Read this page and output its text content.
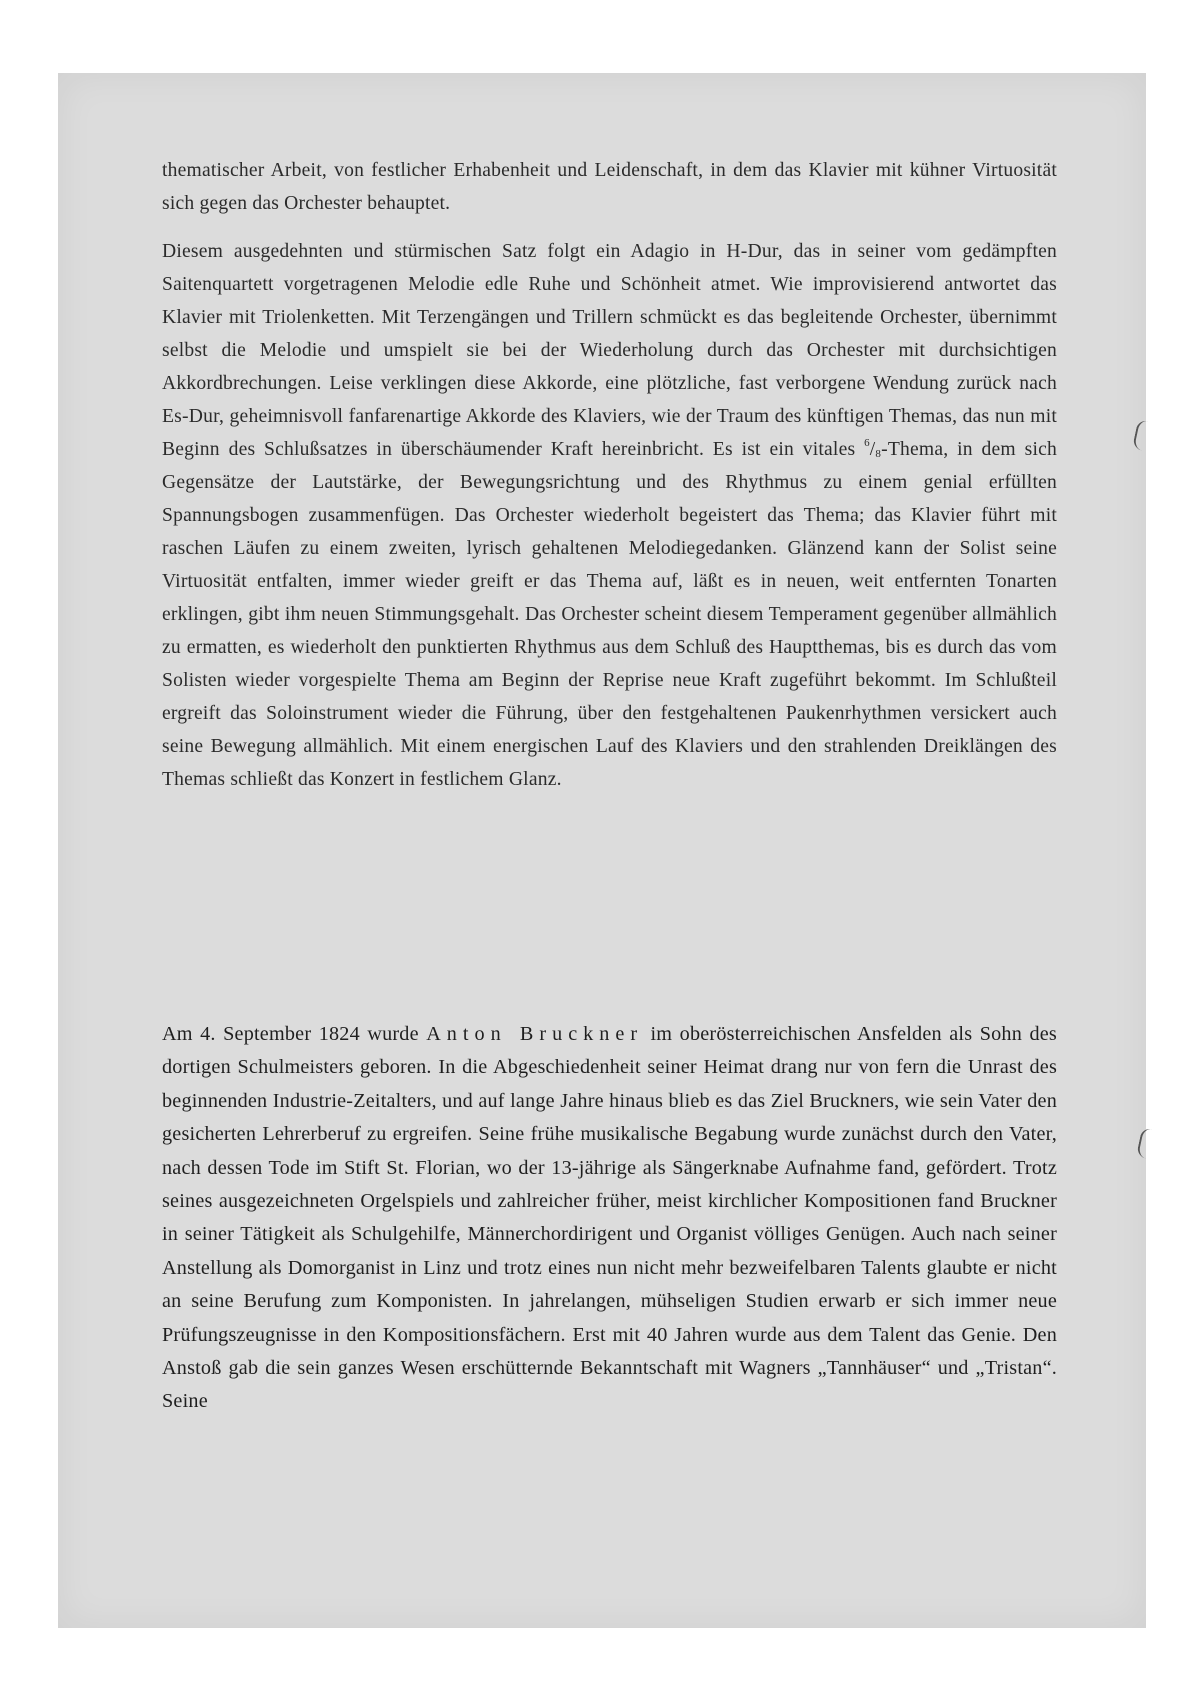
thematischer Arbeit, von festlicher Erhabenheit und Leidenschaft, in dem das Klavier mit kühner Virtuosität sich gegen das Orchester behauptet.

Diesem ausgedehnten und stürmischen Satz folgt ein Adagio in H-Dur, das in seiner vom gedämpften Saitenquartett vorgetragenen Melodie edle Ruhe und Schönheit atmet. Wie improvisierend antwortet das Klavier mit Triolenketten. Mit Terzengängen und Trillern schmückt es das begleitende Orchester, übernimmt selbst die Melodie und umspielt sie bei der Wiederholung durch das Orchester mit durchsichtigen Akkordbrechungen. Leise verklingen diese Akkorde, eine plötzliche, fast verborgene Wendung zurück nach Es-Dur, geheimnisvoll fanfarenartige Akkorde des Klaviers, wie der Traum des künftigen Themas, das nun mit Beginn des Schlußsatzes in überschäumender Kraft hereinbricht. Es ist ein vitales $^6/_8$-Thema, in dem sich Gegensätze der Lautstärke, der Bewegungsrichtung und des Rhythmus zu einem genial erfüllten Spannungsbogen zusammenfügen. Das Orchester wiederholt begeistert das Thema; das Klavier führt mit raschen Läufen zu einem zweiten, lyrisch gehaltenen Melodiegedanken. Glänzend kann der Solist seine Virtuosität entfalten, immer wieder greift er das Thema auf, läßt es in neuen, weit entfernten Tonarten erklingen, gibt ihm neuen Stimmungsgehalt. Das Orchester scheint diesem Temperament gegenüber allmählich zu ermatten, es wiederholt den punktierten Rhythmus aus dem Schluß des Hauptthemas, bis es durch das vom Solisten wieder vorgespielte Thema am Beginn der Reprise neue Kraft zugeführt bekommt. Im Schlußteil ergreift das Soloinstrument wieder die Führung, über den festgehaltenen Paukenrhythmen versickert auch seine Bewegung allmählich. Mit einem energischen Lauf des Klaviers und den strahlenden Dreiklängen des Themas schließt das Konzert in festlichem Glanz.

Am 4. September 1824 wurde Anton Bruckner im oberösterreichischen Ansfelden als Sohn des dortigen Schulmeisters geboren. In die Abgeschiedenheit seiner Heimat drang nur von fern die Unrast des beginnenden Industrie-Zeitalters, und auf lange Jahre hinaus blieb es das Ziel Bruckners, wie sein Vater den gesicherten Lehrerberuf zu ergreifen. Seine frühe musikalische Begabung wurde zunächst durch den Vater, nach dessen Tode im Stift St. Florian, wo der 13-jährige als Sängerknabe Aufnahme fand, gefördert. Trotz seines ausgezeichneten Orgelspiels und zahlreicher früher, meist kirchlicher Kompositionen fand Bruckner in seiner Tätigkeit als Schulgehilfe, Männerchordirigent und Organist völliges Genügen. Auch nach seiner Anstellung als Domorganist in Linz und trotz eines nun nicht mehr bezweifelbaren Talents glaubte er nicht an seine Berufung zum Komponisten. In jahrelangen, mühseligen Studien erwarb er sich immer neue Prüfungszeugnisse in den Kompositionsfächern. Erst mit 40 Jahren wurde aus dem Talent das Genie. Den Anstoß gab die sein ganzes Wesen erschütternde Bekanntschaft mit Wagners „Tannhäuser“ und „Tristan“. Seine
